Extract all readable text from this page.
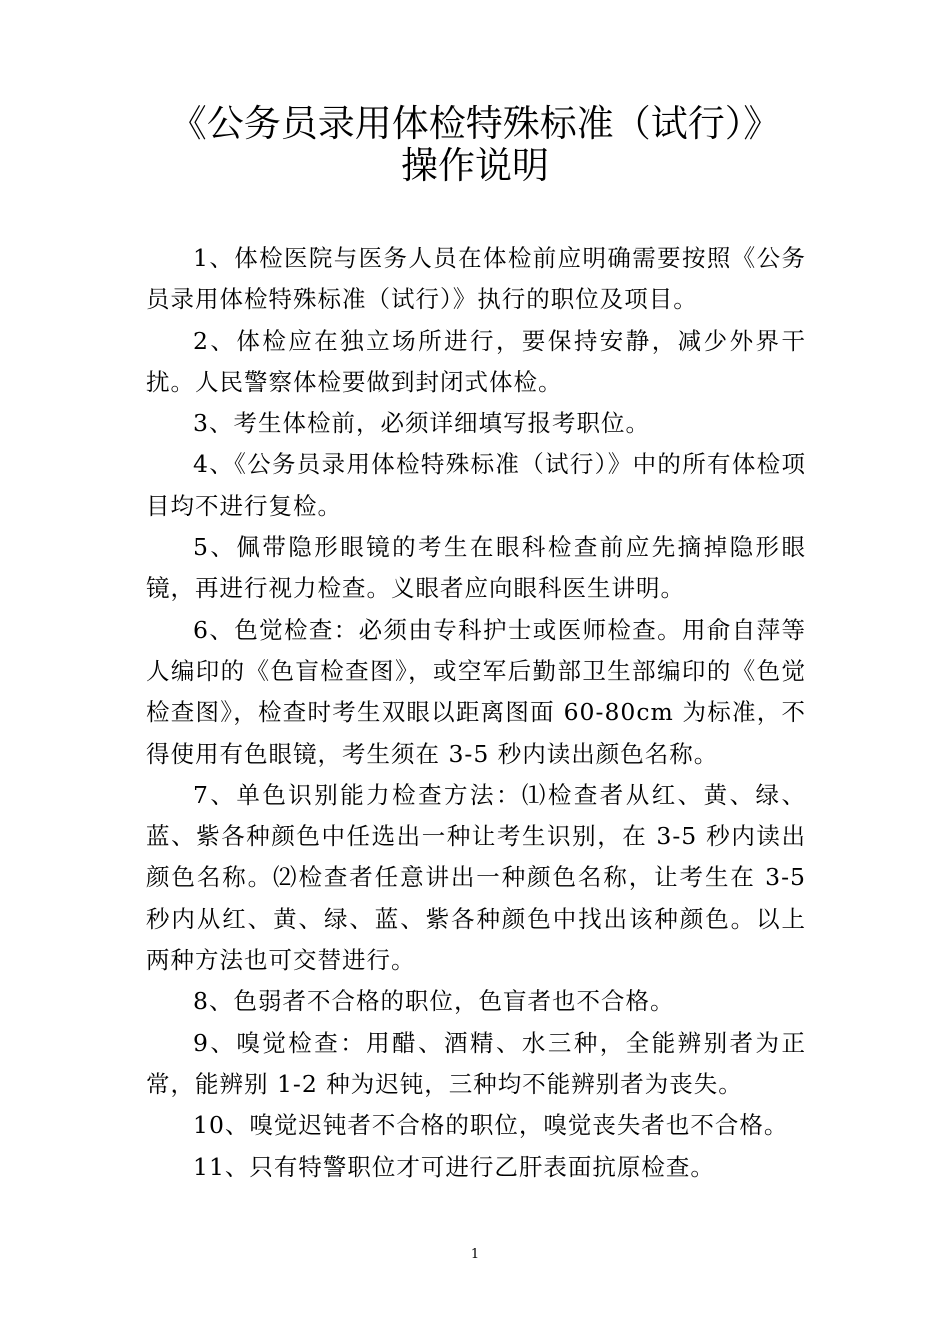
《公务员录用体检特殊标准（试行）》
操作说明

1、体检医院与医务人员在体检前应明确需要按照《公务员录用体检特殊标准（试行）》执行的职位及项目。

2、体检应在独立场所进行，要保持安静，减少外界干扰。人民警察体检要做到封闭式体检。

3、考生体检前，必须详细填写报考职位。

4、《公务员录用体检特殊标准（试行）》中的所有体检项目均不进行复检。

5、佩带隐形眼镜的考生在眼科检查前应先摘掉隐形眼镜，再进行视力检查。义眼者应向眼科医生讲明。

6、色觉检查：必须由专科护士或医师检查。用俞自萍等人编印的《色盲检查图》，或空军后勤部卫生部编印的《色觉检查图》，检查时考生双眼以距离图面 60-80cm 为标准，不得使用有色眼镜，考生须在 3-5 秒内读出颜色名称。

7、单色识别能力检查方法：⑴检查者从红、黄、绿、蓝、紫各种颜色中任选出一种让考生识别，在 3-5 秒内读出颜色名称。⑵检查者任意讲出一种颜色名称，让考生在 3-5 秒内从红、黄、绿、蓝、紫各种颜色中找出该种颜色。以上两种方法也可交替进行。

8、色弱者不合格的职位，色盲者也不合格。

9、嗅觉检查：用醋、酒精、水三种，全能辨别者为正常，能辨别 1-2 种为迟钝，三种均不能辨别者为丧失。

10、嗅觉迟钝者不合格的职位，嗅觉丧失者也不合格。

11、只有特警职位才可进行乙肝表面抗原检查。

1
